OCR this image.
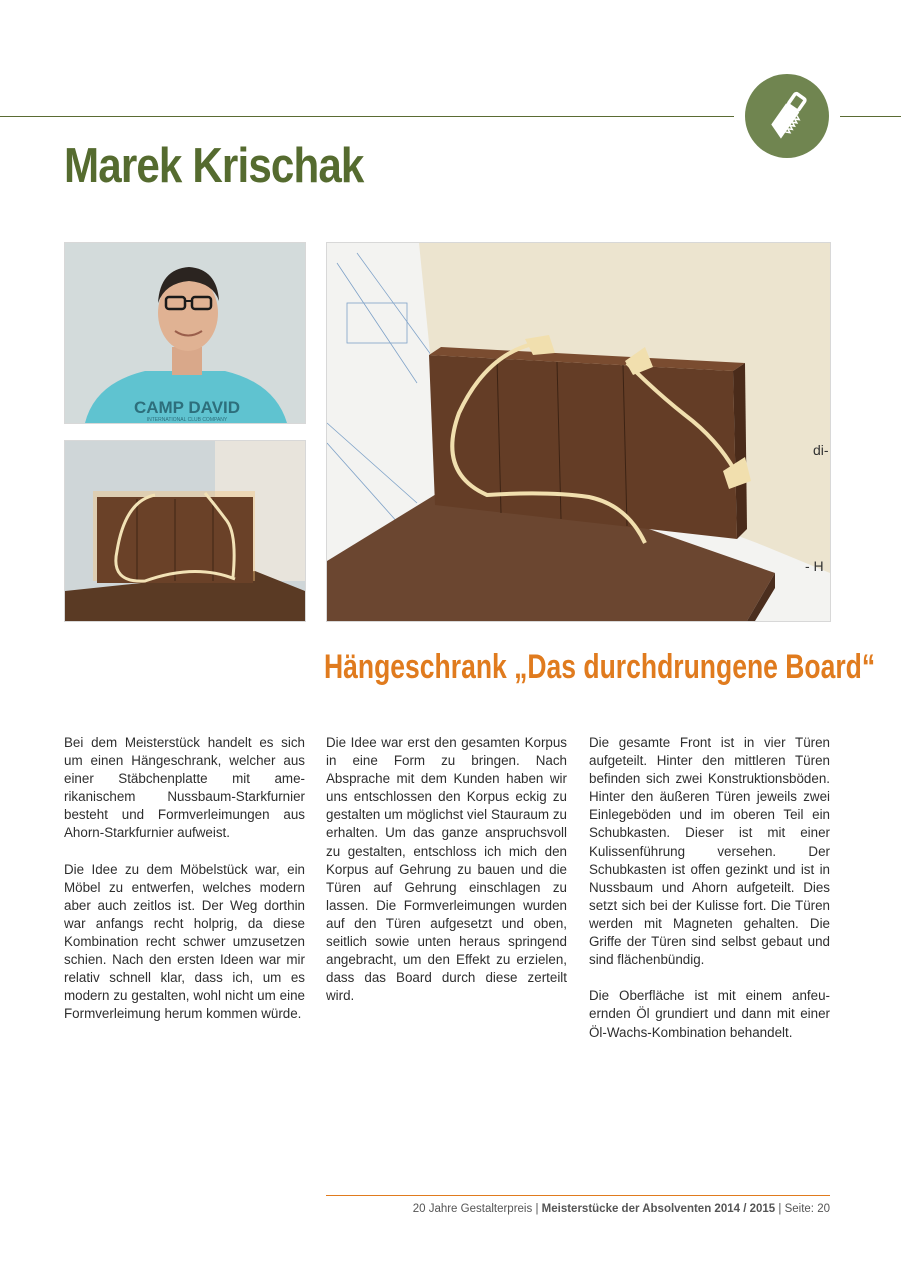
Marek Krischak
CAMP DAVID
INTERNATIONAL CLUB COMPANY
di-
- H
Hängeschrank „Das durchdrungene Board“

Bei dem Meisterstück handelt es sich um einen Hängeschrank, welcher aus einer Stäbchenplatte mit amerikanischem Nussbaum-Starkfurnier besteht und Formverleimungen aus Ahorn-Starkfurnier aufweist.

Die Idee zu dem Möbelstück war, ein Möbel zu entwerfen, welches modern aber auch zeitlos ist. Der Weg dorthin war anfangs recht holprig, da diese Kombination recht schwer umzusetzen schien. Nach den ersten Ideen war mir relativ schnell klar, dass ich, um es modern zu gestalten, wohl nicht um eine Formverleimung herum kommen würde.

Die Idee war erst den gesamten Korpus in eine Form zu bringen. Nach Absprache mit dem Kunden haben wir uns entschlossen den Korpus eckig zu gestalten um möglichst viel Stauraum zu erhalten. Um das ganze anspruchsvoll zu gestalten, entschloss ich mich den Korpus auf Gehrung zu bauen und die Türen auf Gehrung einschlagen zu lassen. Die Formverleimungen wurden auf den Türen aufgesetzt und oben, seitlich sowie unten heraus springend angebracht, um den Effekt zu erzielen, dass das Board durch diese zerteilt wird.

Die gesamte Front ist in vier Türen aufgeteilt. Hinter den mittleren Türen befinden sich zwei Konstruktionsböden. Hinter den äußeren Türen jeweils zwei Einlegeböden und im oberen Teil ein Schubkasten. Dieser ist mit einer Kulissenführung versehen. Der Schubkasten ist offen gezinkt und ist in Nussbaum und Ahorn aufgeteilt. Dies setzt sich bei der Kulisse fort. Die Türen werden mit Magneten gehalten. Die Griffe der Türen sind selbst gebaut und sind flächenbündig.

Die Oberfläche ist mit einem anfeuernden Öl grundiert und dann mit einer Öl-Wachs-Kombination behandelt.

20 Jahre Gestalterpreis | Meisterstücke der Absolventen 2014 / 2015 | Seite: 20
